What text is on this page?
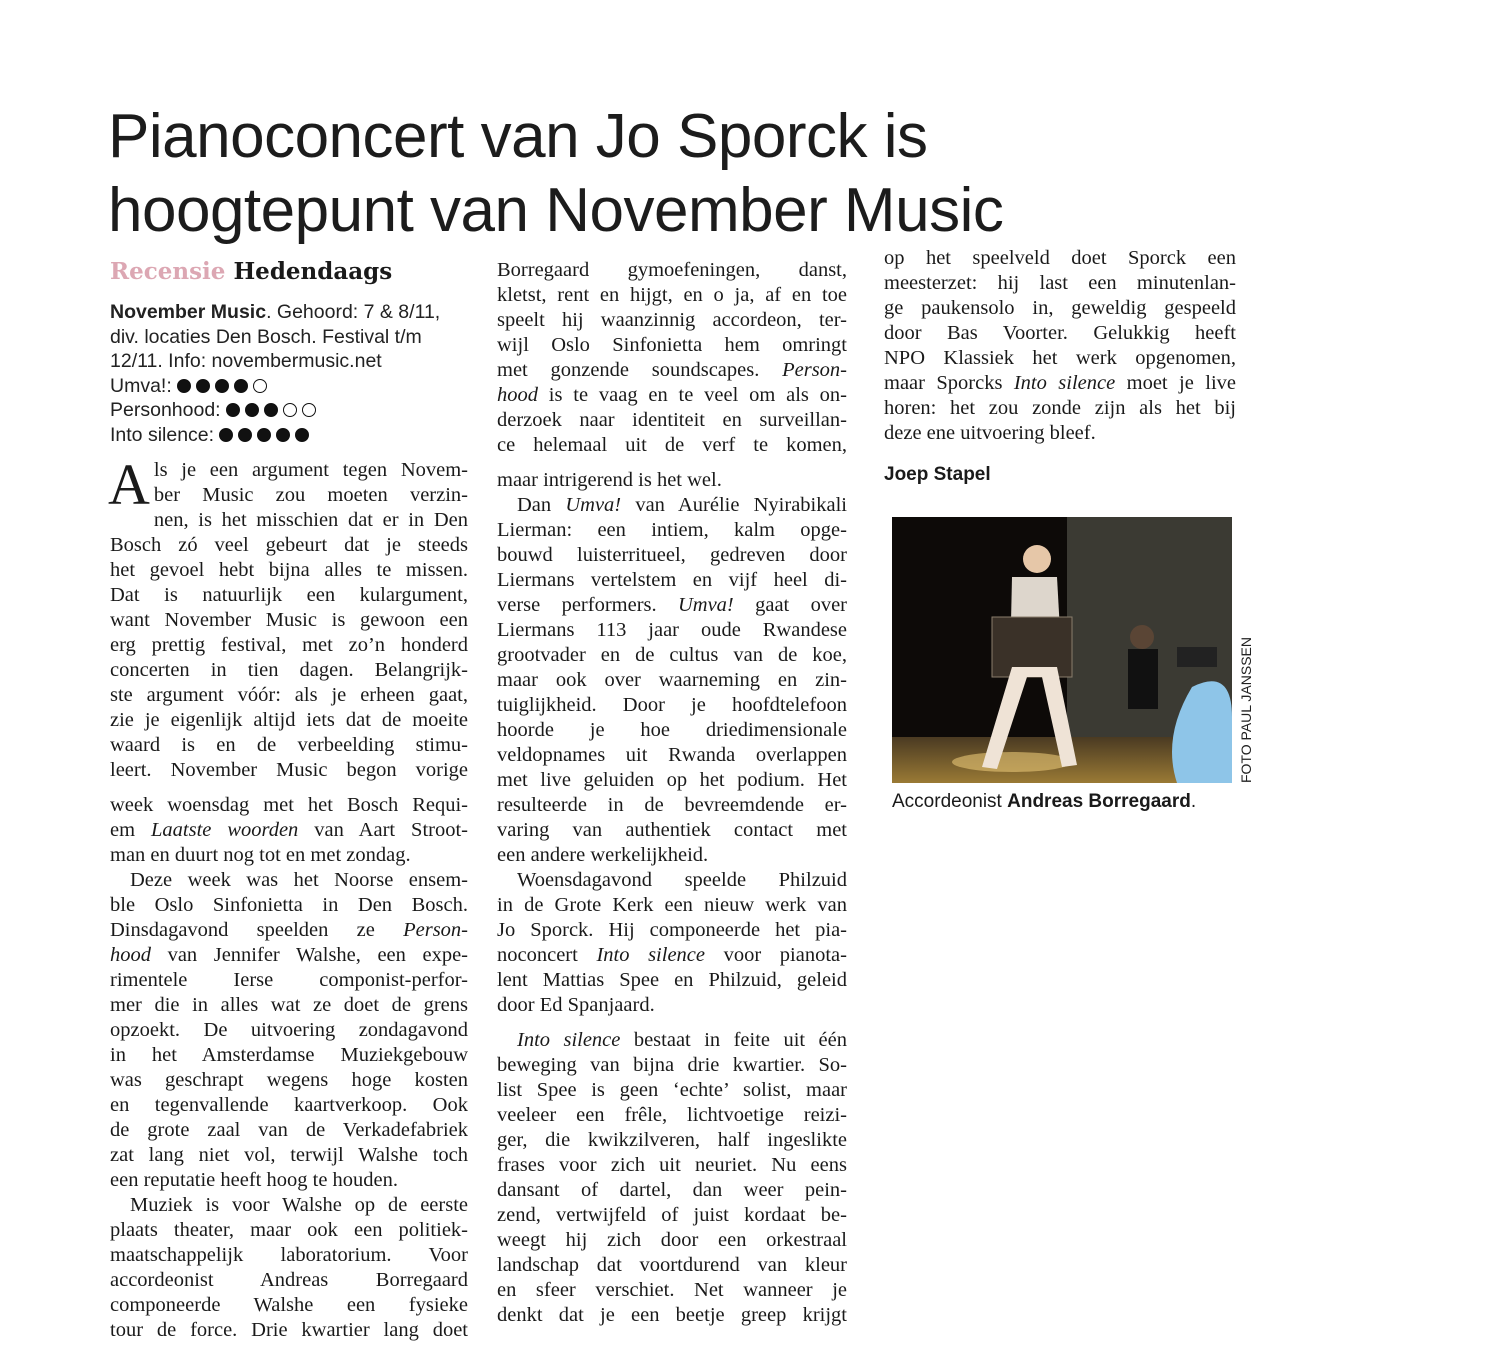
Pianoconcert van Jo Sporck is
hoogtepunt van November Music
Recensie Hedendaags
November Music. Gehoord: 7 & 8/11,
div. locaties Den Bosch. Festival t/m
12/11. Info: novembermusic.net
Umva!:
Personhood:
Into silence:
A ls je een argument tegen Novem-
ber Music zou moeten verzin-
nen, is het misschien dat er in Den
Bosch zó veel gebeurt dat je steeds
het gevoel hebt bijna alles te missen.
Dat is natuurlijk een kulargument,
want November Music is gewoon een
erg prettig festival, met zo’n honderd
concerten in tien dagen. Belangrijk-
ste argument vóór: als je erheen gaat,
zie je eigenlijk altijd iets dat de moeite
waard is en de verbeelding stimu-
leert. November Music begon vorige
week woensdag met het Bosch Requi-
em Laatste woorden van Aart Stroot-
man en duurt nog tot en met zondag.
Deze week was het Noorse ensem-
ble Oslo Sinfonietta in Den Bosch.
Dinsdagavond speelden ze Person-
hood van Jennifer Walshe, een expe-
rimentele Ierse componist-perfor-
mer die in alles wat ze doet de grens
opzoekt. De uitvoering zondagavond
in het Amsterdamse Muziekgebouw
was geschrapt wegens hoge kosten
en tegenvallende kaartverkoop. Ook
de grote zaal van de Verkadefabriek
zat lang niet vol, terwijl Walshe toch
een reputatie heeft hoog te houden.
Muziek is voor Walshe op de eerste
plaats theater, maar ook een politiek-
maatschappelijk laboratorium. Voor
accordeonist Andreas Borregaard
componeerde Walshe een fysieke
tour de force. Drie kwartier lang doet
Borregaard gymoefeningen, danst,
kletst, rent en hijgt, en o ja, af en toe
speelt hij waanzinnig accordeon, ter-
wijl Oslo Sinfonietta hem omringt
met gonzende soundscapes. Person-
hood is te vaag en te veel om als on-
derzoek naar identiteit en surveillan-
ce helemaal uit de verf te komen,
maar intrigerend is het wel.
Dan Umva! van Aurélie Nyirabikali
Lierman: een intiem, kalm opge-
bouwd luisterritueel, gedreven door
Liermans vertelstem en vijf heel di-
verse performers. Umva! gaat over
Liermans 113 jaar oude Rwandese
grootvader en de cultus van de koe,
maar ook over waarneming en zin-
tuiglijkheid. Door je hoofdtelefoon
hoorde je hoe driedimensionale
veldopnames uit Rwanda overlappen
met live geluiden op het podium. Het
resulteerde in de bevreemdende er-
varing van authentiek contact met
een andere werkelijkheid.
Woensdagavond speelde Philzuid
in de Grote Kerk een nieuw werk van
Jo Sporck. Hij componeerde het pia-
noconcert Into silence voor pianota-
lent Mattias Spee en Philzuid, geleid
door Ed Spanjaard.
Into silence bestaat in feite uit één
beweging van bijna drie kwartier. So-
list Spee is geen ‘echte’ solist, maar
veeleer een frêle, lichtvoetige reizi-
ger, die kwikzilveren, half ingeslikte
frases voor zich uit neuriet. Nu eens
dansant of dartel, dan weer pein-
zend, vertwijfeld of juist kordaat be-
weegt hij zich door een orkestraal
landschap dat voortdurend van kleur
en sfeer verschiet. Net wanneer je
denkt dat je een beetje greep krijgt
op het speelveld doet Sporck een
meesterzet: hij last een minutenlan-
ge paukensolo in, geweldig gespeeld
door Bas Voorter. Gelukkig heeft
NPO Klassiek het werk opgenomen,
maar Sporcks Into silence moet je live
horen: het zou zonde zijn als het bij
deze ene uitvoering bleef.
Joep Stapel
FOTO PAUL JANSSEN
Accordeonist Andreas Borregaard.
